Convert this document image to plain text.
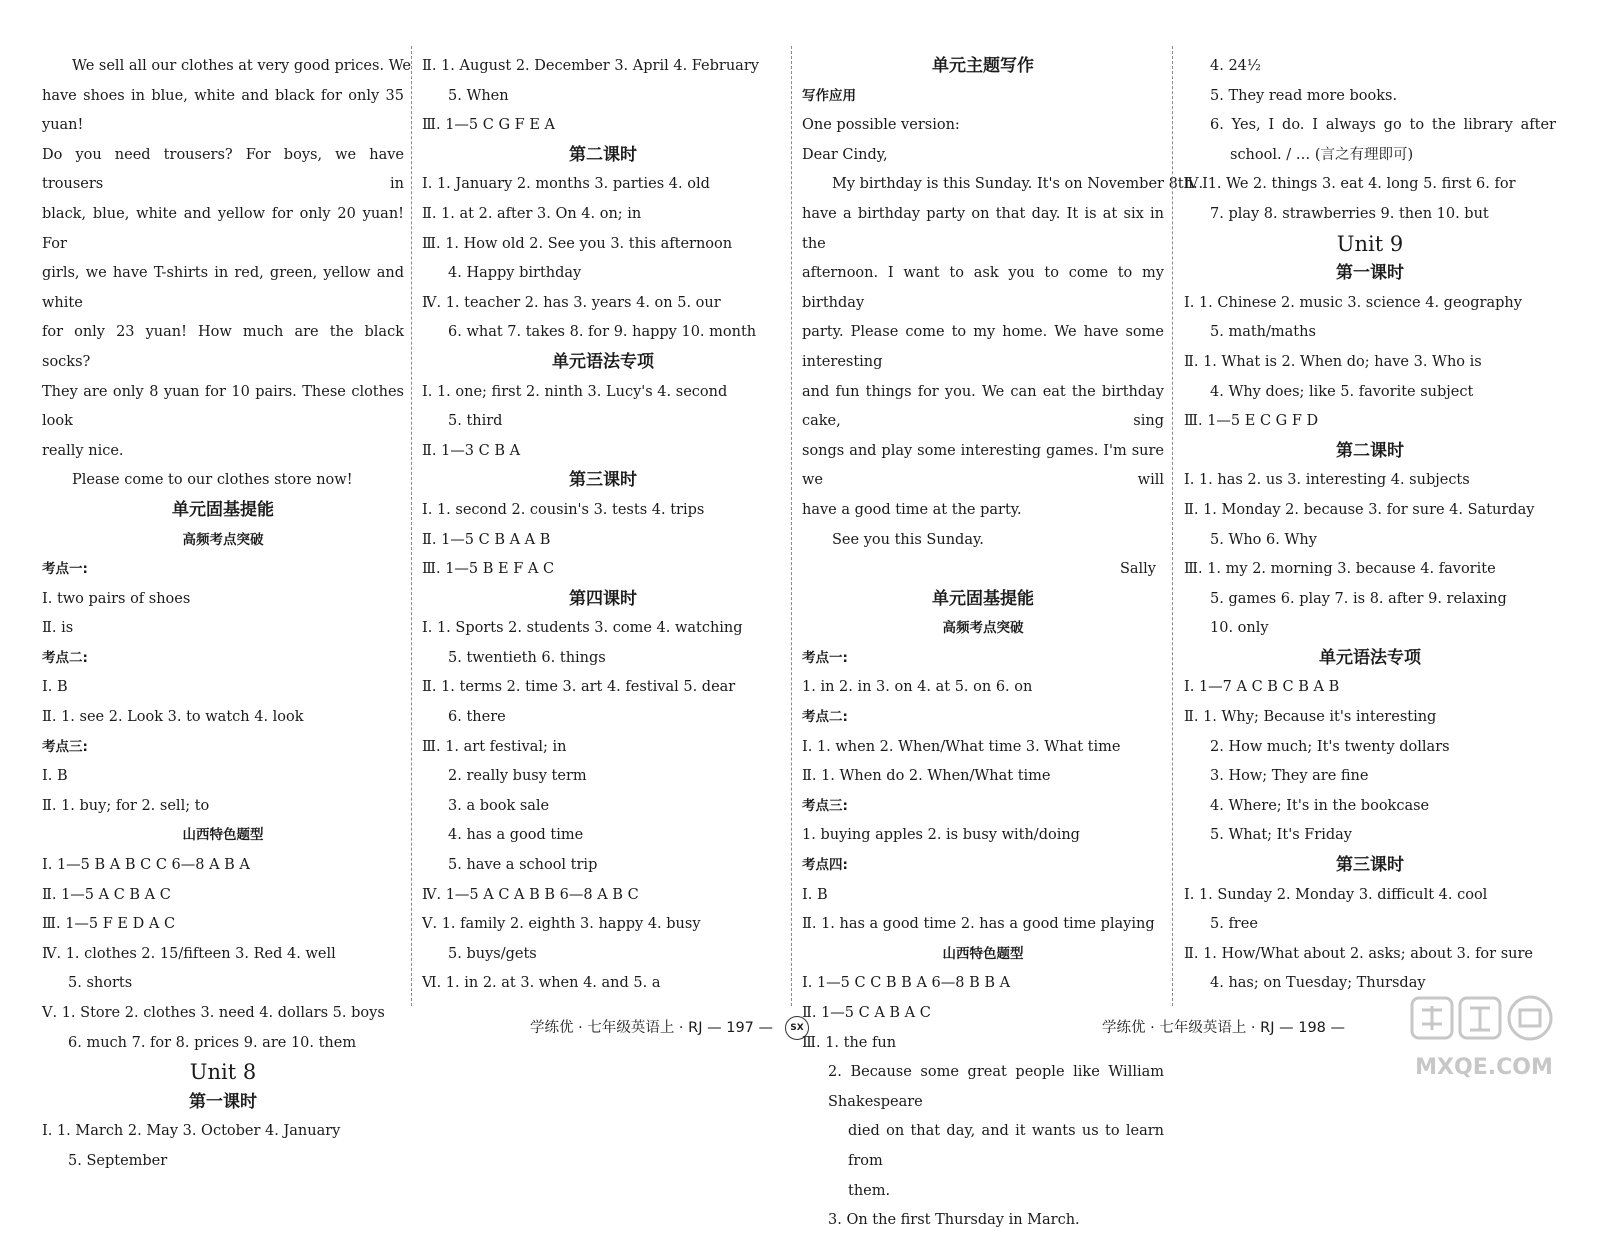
We sell all our clothes at very good prices. We
have shoes in blue, white and black for only 35 yuan!
Do you need trousers? For boys, we have trousers in
black, blue, white and yellow for only 20 yuan! For
girls, we have T-shirts in red, green, yellow and white
for only 23 yuan! How much are the black socks?
They are only 8 yuan for 10 pairs. These clothes look
really nice.
Please come to our clothes store now!
单元固基提能
高频考点突破
考点一:
Ⅰ. two pairs of shoes
Ⅱ. is
考点二:
Ⅰ. B
Ⅱ. 1. see 2. Look 3. to watch 4. look
考点三:
Ⅰ. B
Ⅱ. 1. buy; for 2. sell; to
山西特色题型
Ⅰ. 1—5 B A B C C 6—8 A B A
Ⅱ. 1—5 A C B A C
Ⅲ. 1—5 F E D A C
Ⅳ. 1. clothes 2. 15/fifteen 3. Red 4. well
5. shorts
Ⅴ. 1. Store 2. clothes 3. need 4. dollars 5. boys
6. much 7. for 8. prices 9. are 10. them
Unit 8
第一课时
Ⅰ. 1. March 2. May 3. October 4. January
5. September
Ⅱ. 1. August 2. December 3. April 4. February
5. When
Ⅲ. 1—5 C G F E A
第二课时
Ⅰ. 1. January 2. months 3. parties 4. old
Ⅱ. 1. at 2. after 3. On 4. on; in
Ⅲ. 1. How old 2. See you 3. this afternoon
4. Happy birthday
Ⅳ. 1. teacher 2. has 3. years 4. on 5. our
6. what 7. takes 8. for 9. happy 10. month
单元语法专项
Ⅰ. 1. one; first 2. ninth 3. Lucy's 4. second
5. third
Ⅱ. 1—3 C B A
第三课时
Ⅰ. 1. second 2. cousin's 3. tests 4. trips
Ⅱ. 1—5 C B A A B
Ⅲ. 1—5 B E F A C
第四课时
Ⅰ. 1. Sports 2. students 3. come 4. watching
5. twentieth 6. things
Ⅱ. 1. terms 2. time 3. art 4. festival 5. dear
6. there
Ⅲ. 1. art festival; in
2. really busy term
3. a book sale
4. has a good time
5. have a school trip
Ⅳ. 1—5 A C A B B 6—8 A B C
Ⅴ. 1. family 2. eighth 3. happy 4. busy
5. buys/gets
Ⅵ. 1. in 2. at 3. when 4. and 5. a
单元主题写作
写作应用
One possible version:
Dear Cindy,
My birthday is this Sunday. It's on November 8th. I
have a birthday party on that day. It is at six in the
afternoon. I want to ask you to come to my birthday
party. Please come to my home. We have some interesting
and fun things for you. We can eat the birthday cake, sing
songs and play some interesting games. I'm sure we will
have a good time at the party.
See you this Sunday.
Sally
单元固基提能
高频考点突破
考点一:
1. in 2. in 3. on 4. at 5. on 6. on
考点二:
Ⅰ. 1. when 2. When/What time 3. What time
Ⅱ. 1. When do 2. When/What time
考点三:
1. buying apples 2. is busy with/doing
考点四:
Ⅰ. B
Ⅱ. 1. has a good time 2. has a good time playing
山西特色题型
Ⅰ. 1—5 C C B B A 6—8 B B A
Ⅱ. 1—5 C A B A C
Ⅲ. 1. the fun
2. Because some great people like William Shakespeare
died on that day, and it wants us to learn from
them.
3. On the first Thursday in March.
4. 24½
5. They read more books.
6. Yes, I do. I always go to the library after
school. / … (言之有理即可)
Ⅳ. 1. We 2. things 3. eat 4. long 5. first 6. for
7. play 8. strawberries 9. then 10. but
Unit 9
第一课时
Ⅰ. 1. Chinese 2. music 3. science 4. geography
5. math/maths
Ⅱ. 1. What is 2. When do; have 3. Who is
4. Why does; like 5. favorite subject
Ⅲ. 1—5 E C G F D
第二课时
Ⅰ. 1. has 2. us 3. interesting 4. subjects
Ⅱ. 1. Monday 2. because 3. for sure 4. Saturday
5. Who 6. Why
Ⅲ. 1. my 2. morning 3. because 4. favorite
5. games 6. play 7. is 8. after 9. relaxing
10. only
单元语法专项
Ⅰ. 1—7 A C B C B A B
Ⅱ. 1. Why; Because it's interesting
2. How much; It's twenty dollars
3. How; They are fine
4. Where; It's in the bookcase
5. What; It's Friday
第三课时
Ⅰ. 1. Sunday 2. Monday 3. difficult 4. cool
5. free
Ⅱ. 1. How/What about 2. asks; about 3. for sure
4. has; on Tuesday; Thursday
学练优 · 七年级英语上 · RJ — 197 —	SX	学练优 · 七年级英语上 · RJ — 198 —
MXQE.COM
